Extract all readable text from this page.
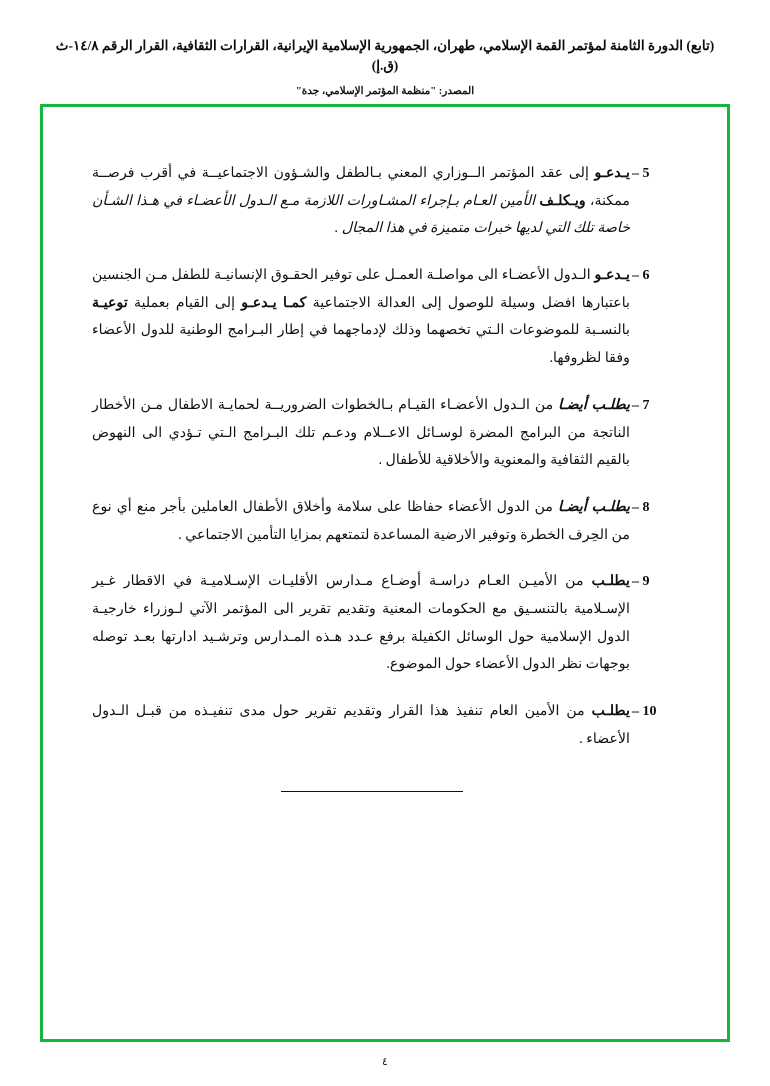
(تابع) الدورة الثامنة لمؤتمر القمة الإسلامي، طهران، الجمهورية الإسلامية الإيرانية، القرارات الثقافية، القرار الرقم ١٤/٨-ث (ق.إ)
المصدر: "منظمة المؤتمر الإسلامي، جدة"
5 –
يـدعـو إلى عقد المؤتمر الــوزاري المعني بـالطفل والشـؤون الاجتماعيــة في أقرب فرصــة ممكنة، ويـكلـف الأمين العـام بـإجراء المشـاورات اللازمة مـع الـدول الأعضـاء في هـذا الشـأن خاصة تلك التي لديها خبرات متميزة في هذا المجال .
6 –
يـدعـو الـدول الأعضـاء الى مواصلـة العمـل على توفير الحقـوق الإنسانيـة للطفل مـن الجنسين باعتبارها افضل وسيلة للوصول إلى العدالة الاجتماعية كمـا يـدعـو إلى القيام بعملية توعيـة بالنسـبة للموضوعات الـتي تخصهما وذلك لإدماجهما في إطار البـرامج الوطنية للدول الأعضاء وفقا لظروفها.
7 –
يطلـب أيضـا من الـدول الأعضـاء القيـام بـالخطوات الضروريــة لحمايـة الاطفال مـن الأخطار الناتجة من البرامج المضرة لوسـائل الاعــلام ودعـم تلك البـرامج الـتي تـؤدي الى النهوض بالقيم الثقافية والمعنوية والأخلاقية للأطفال .
8 –
يطلـب أيضـا من الدول الأعضاء حفاظا على سلامة وأخلاق الأطفال العاملين بأجر منع أي نوع من الحِرف الخطرة وتوفير الارضية المساعدة لتمتعهم بمزايا التأمين الاجتماعي .
9 –
يطلـب من الأميـن العـام دراسـة أوضـاع مـدارس الأقليـات الإسـلاميـة في الاقطار غـير الإسـلامية بالتنسـيق مع الحكومات المعنية وتقديم تقرير الى المؤتمر الآتي لـوزراء خارجيـة الدول الإسلامية حول الوسائل الكفيلة برفع عـدد هـذه المـدارس وترشـيد ادارتها بعـد توصله بوجهات نظر الدول الأعضاء حول الموضوع.
10 –
يطلـب من الأمين العام تنفيذ هذا القرار وتقديم تقرير حول مدى تنفيـذه من قبـل الـدول الأعضاء .
٤
